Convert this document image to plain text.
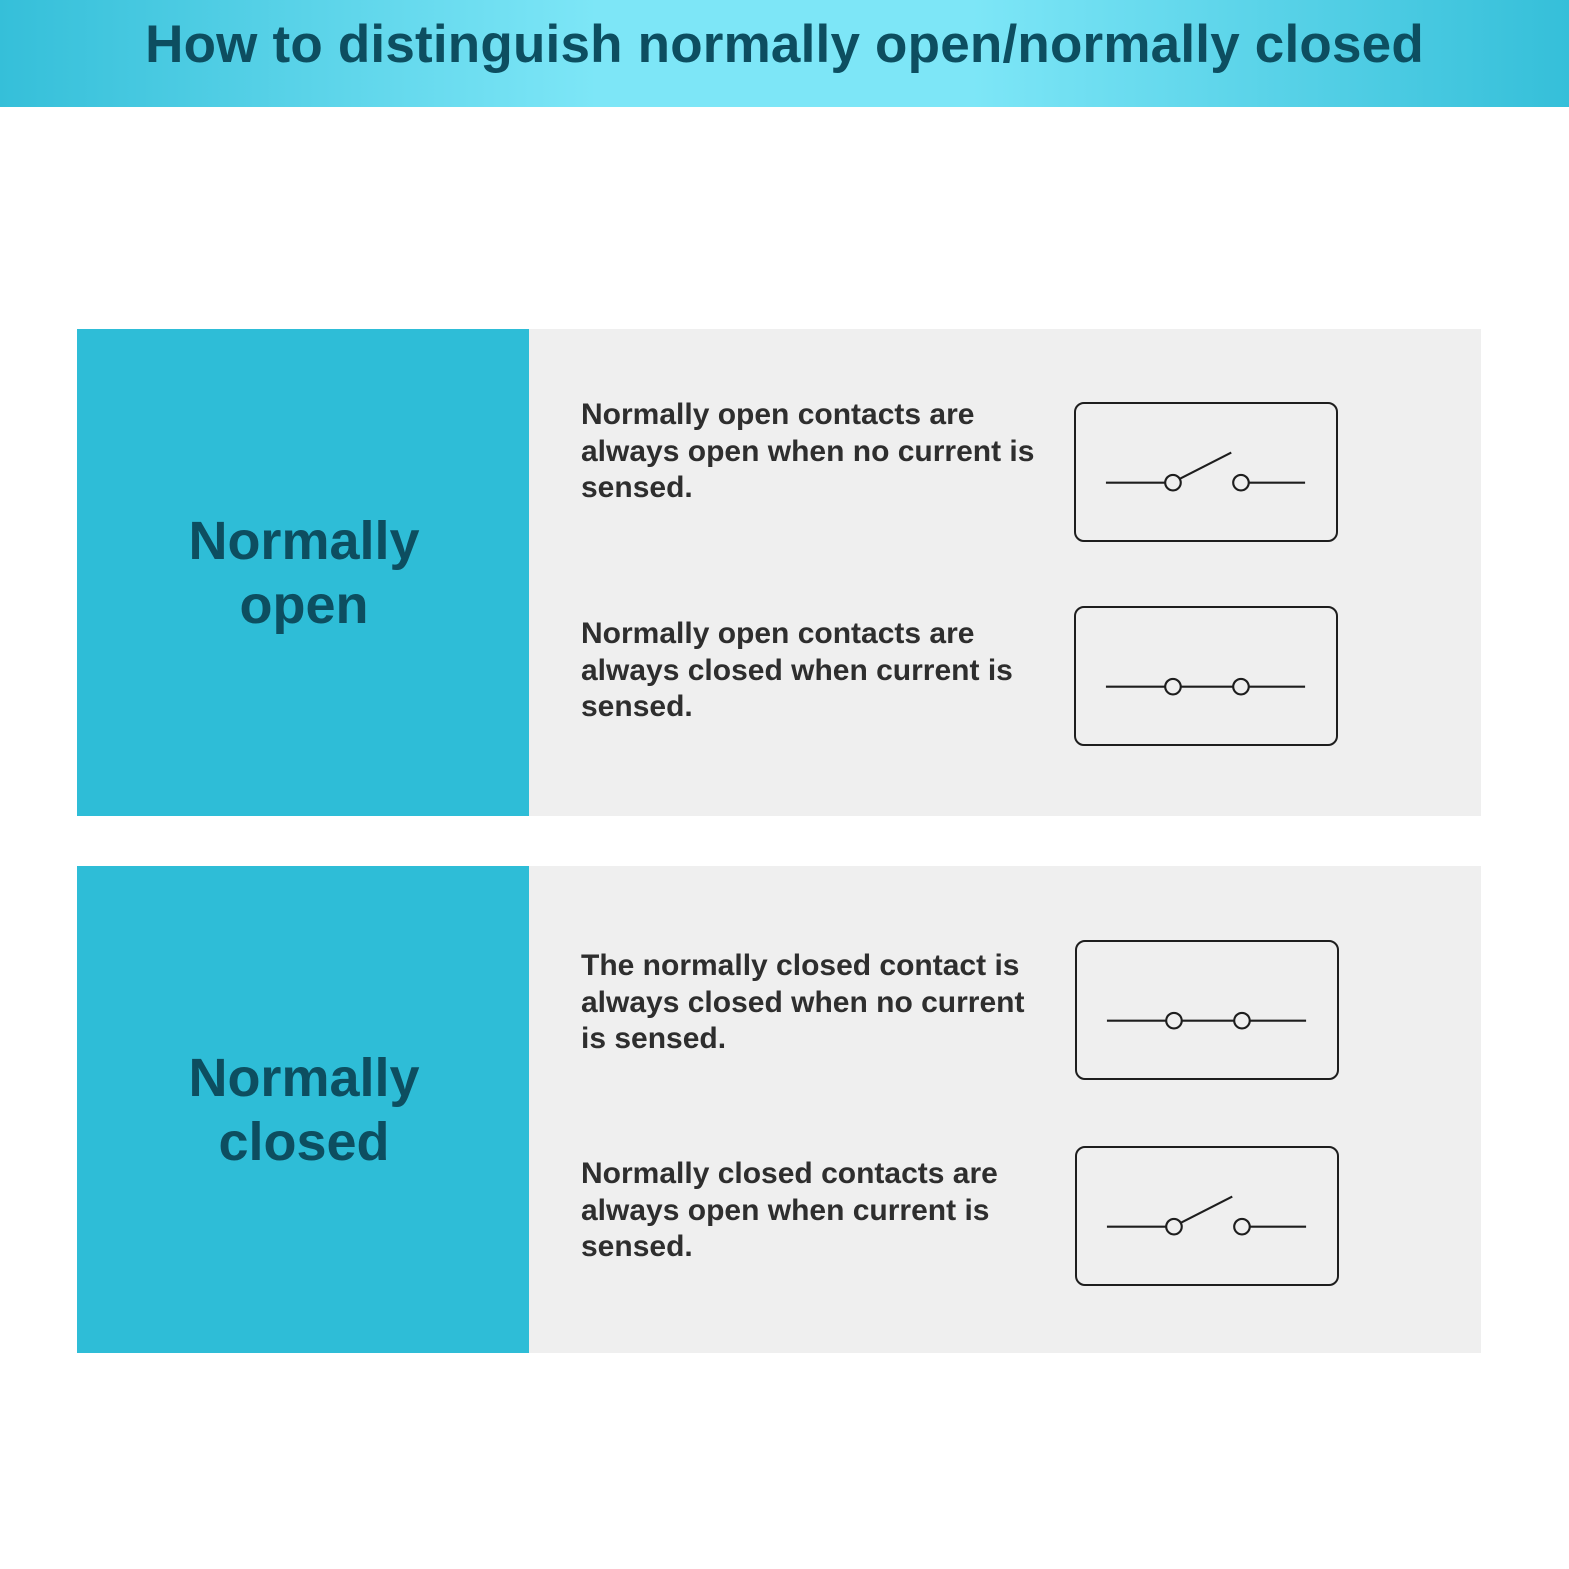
How to distinguish normally open/normally closed
Normally open
Normally open contacts are always open when no current is sensed.
Normally open contacts are always closed when current is sensed.
Normally closed
The normally closed contact is always closed when no current is sensed.
Normally closed contacts are always open when current is sensed.
